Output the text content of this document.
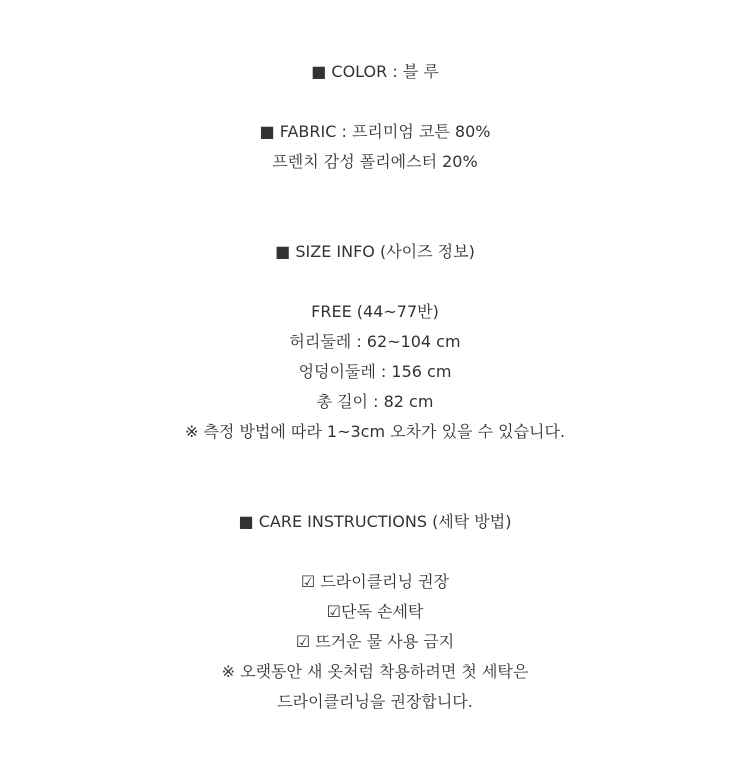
■ COLOR : 블 루
■ FABRIC : 프리미엄 코튼 80%
프렌치 감성 폴리에스터 20%
■ SIZE INFO (사이즈 정보)
FREE (44~77반)
허리둘레 : 62~104 cm
엉덩이둘레 : 156 cm
총 길이 : 82 cm
※ 측정 방법에 따라 1~3cm 오차가 있을 수 있습니다.
■ CARE INSTRUCTIONS (세탁 방법)
☑ 드라이클리닝 권장
☑단독 손세탁
☑ 뜨거운 물 사용 금지
※ 오랫동안 새 옷처럼 착용하려면 첫 세탁은
드라이클리닝을 권장합니다.
